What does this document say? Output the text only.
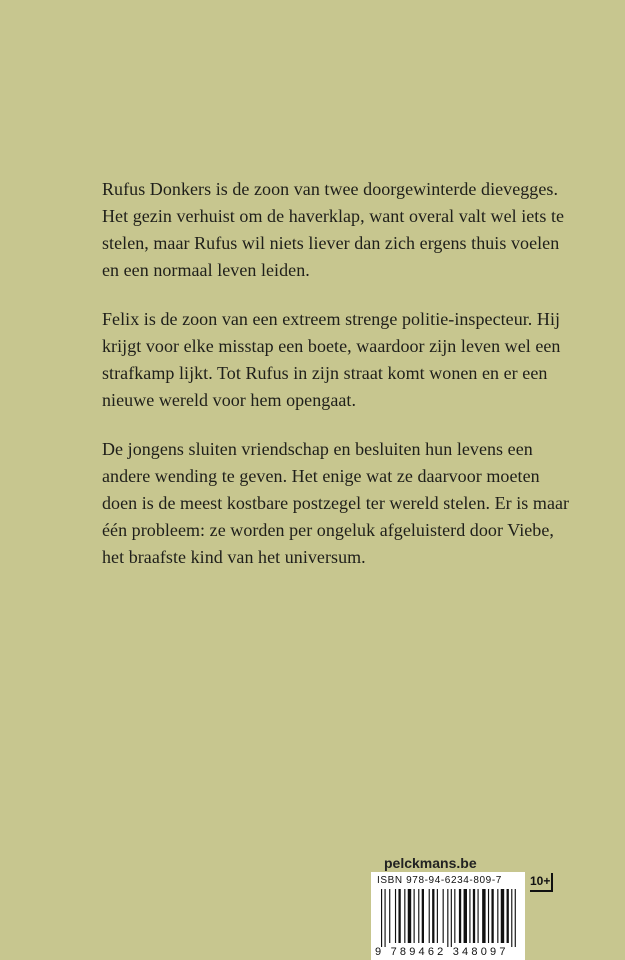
Rufus Donkers is de zoon van twee doorgewinterde dievegges. Het gezin verhuist om de haverklap, want overal valt wel iets te stelen, maar Rufus wil niets liever dan zich ergens thuis voelen en een normaal leven leiden.

Felix is de zoon van een extreem strenge politie-inspecteur. Hij krijgt voor elke misstap een boete, waardoor zijn leven wel een strafkamp lijkt. Tot Rufus in zijn straat komt wonen en er een nieuwe wereld voor hem opengaat.

De jongens sluiten vriendschap en besluiten hun levens een andere wending te geven. Het enige wat ze daarvoor moeten doen is de meest kostbare postzegel ter wereld stelen. Er is maar één probleem: ze worden per ongeluk afgeluisterd door Viebe, het braafste kind van het universum.

pelckmans.be
ISBN 978-94-6234-809-7
9 789462 348097
10+
